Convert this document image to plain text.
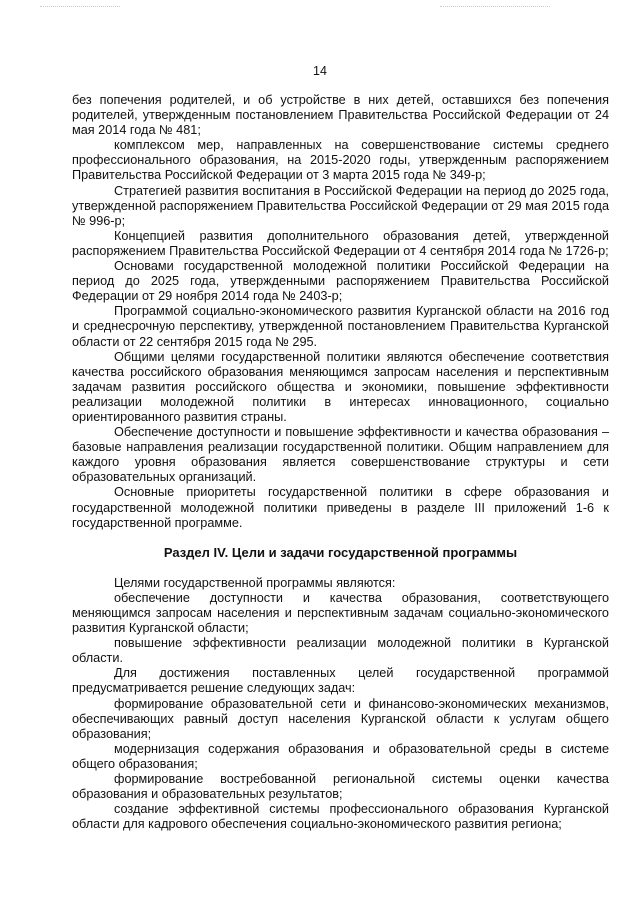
14

без попечения родителей, и об устройстве в них детей, оставшихся без попечения родителей, утвержденным постановлением Правительства Российской Федерации от 24 мая 2014 года № 481;

комплексом мер, направленных на совершенствование системы среднего профессионального образования, на 2015-2020 годы, утвержденным распоряжением Правительства Российской Федерации от 3 марта 2015 года № 349-р;

Стратегией развития воспитания в Российской Федерации на период до 2025 года, утвержденной распоряжением Правительства Российской Федерации от 29 мая 2015 года № 996-р;

Концепцией развития дополнительного образования детей, утвержденной распоряжением Правительства Российской Федерации от 4 сентября 2014 года № 1726-р;

Основами государственной молодежной политики Российской Федерации на период до 2025 года, утвержденными распоряжением Правительства Российской Федерации от 29 ноября 2014 года № 2403-р;

Программой социально-экономического развития Курганской области на 2016 год и среднесрочную перспективу, утвержденной постановлением Правительства Курганской области от 22 сентября 2015 года № 295.

Общими целями государственной политики являются обеспечение соответствия качества российского образования меняющимся запросам населения и перспективным задачам развития российского общества и экономики, повышение эффективности реализации молодежной политики в интересах инновационного, социально ориентированного развития страны.

Обеспечение доступности и повышение эффективности и качества образования – базовые направления реализации государственной политики. Общим направлением для каждого уровня образования является совершенствование структуры и сети образовательных организаций.

Основные приоритеты государственной политики в сфере образования и государственной молодежной политики приведены в разделе III приложений 1-6 к государственной программе.

Раздел IV. Цели и задачи государственной программы

Целями государственной программы являются:

обеспечение доступности и качества образования, соответствующего меняющимся запросам населения и перспективным задачам социально-экономического развития Курганской области;

повышение эффективности реализации молодежной политики в Курганской области.

Для достижения поставленных целей государственной программой предусматривается решение следующих задач:

формирование образовательной сети и финансово-экономических механизмов, обеспечивающих равный доступ населения Курганской области к услугам общего образования;

модернизация содержания образования и образовательной среды в системе общего образования;

формирование востребованной региональной системы оценки качества образования и образовательных результатов;

создание эффективной системы профессионального образования Курганской области для кадрового обеспечения социально-экономического развития региона;
